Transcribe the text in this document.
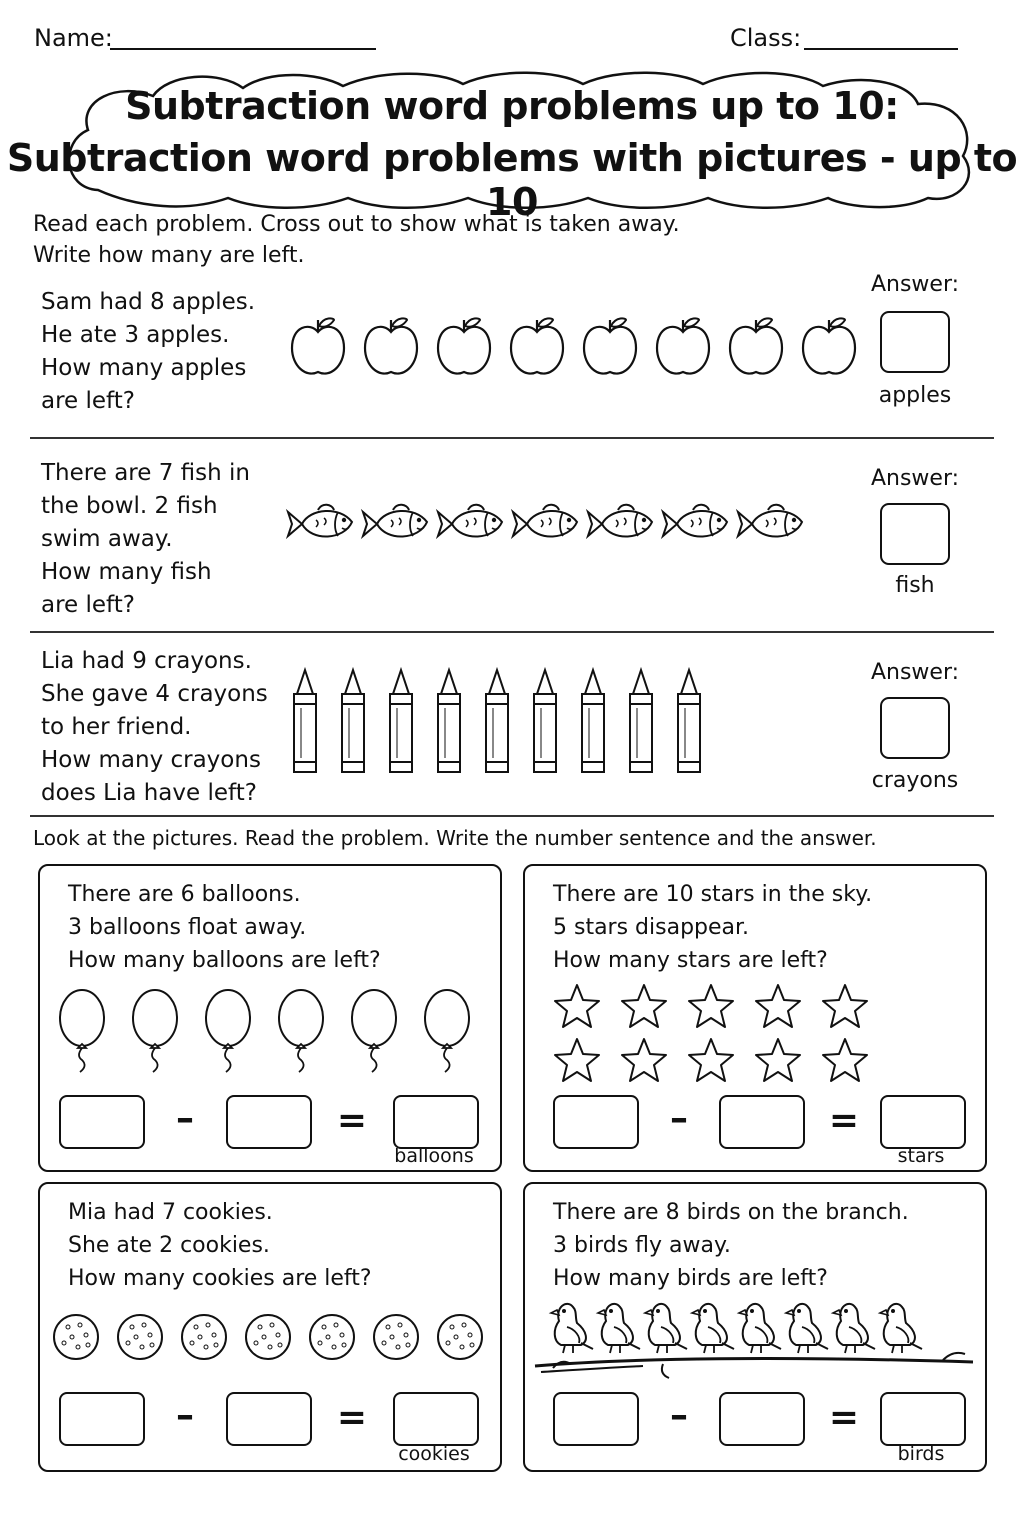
Name:	Class:
Subtraction word problems up to 10:
Subtraction word problems with pictures - up to 10
Read each problem. Cross out to show what is taken away.
Write how many are left.
Sam had 8 apples.
He ate 3 apples.
How many apples
are left?
Answer:
apples
There are 7 fish in
the bowl. 2 fish
swim away.
How many fish
are left?
Answer:
fish
Lia had 9 crayons.
She gave 4 crayons
to her friend.
How many crayons
does Lia have left?
Answer:
crayons
Look at the pictures. Read the problem. Write the number sentence and the answer.
There are 6 balloons.
3 balloons float away.
How many balloons are left?
There are 10 stars in the sky.
5 stars disappear.
How many stars are left?
Mia had 7 cookies.
She ate 2 cookies.
How many cookies are left?
There are 8 birds on the branch.
3 birds fly away.
How many birds are left?
–	=
balloons
–	=
stars
–	=
cookies
–	=
birds
